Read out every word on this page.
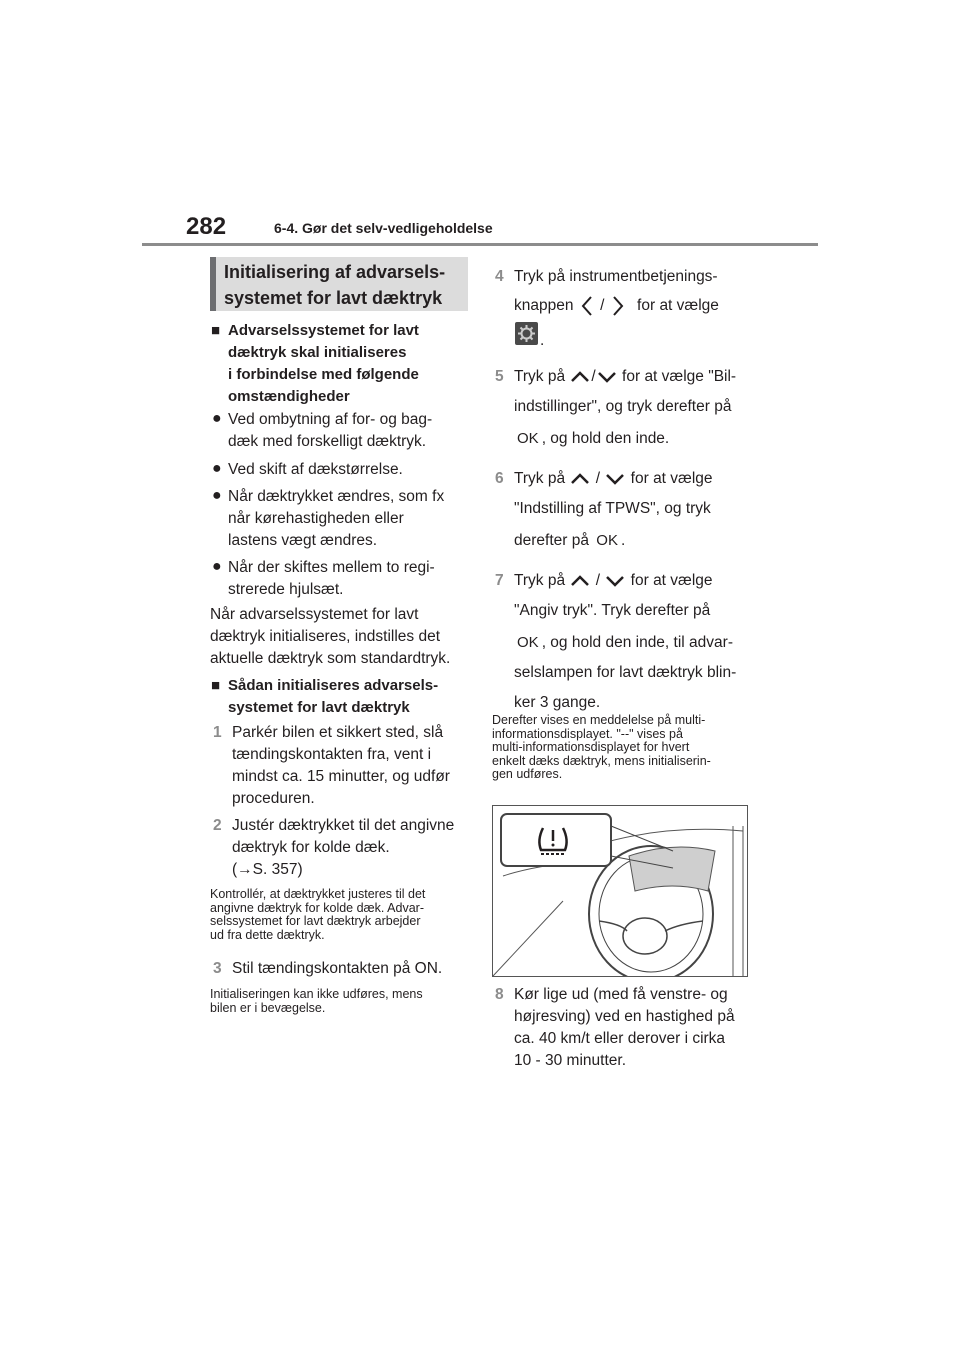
282	6-4. Gør det selv-vedligeholdelse
Initialisering af advarsels-
systemet for lavt dæktryk
■ Advarselssystemet for lavt
dæktryk skal initialiseres
i forbindelse med følgende
omstændigheder
● Ved ombytning af for- og bag-
dæk med forskelligt dæktryk.
● Ved skift af dækstørrelse.
● Når dæktrykket ændres, som fx
når kørehastigheden eller
lastens vægt ændres.
● Når der skiftes mellem to regi-
strerede hjulsæt.
Når advarselssystemet for lavt
dæktryk initialiseres, indstilles det
aktuelle dæktryk som standardtryk.
■ Sådan initialiseres advarsels-
systemet for lavt dæktryk
1 Parkér bilen et sikkert sted, slå
tændingskontakten fra, vent i
mindst ca. 15 minutter, og udfør
proceduren.
2 Justér dæktrykket til det angivne
dæktryk for kolde dæk.
(→S. 357)
Kontrollér, at dæktrykket justeres til det
angivne dæktryk for kolde dæk. Advar-
selssystemet for lavt dæktryk arbejder
ud fra dette dæktryk.
3 Stil tændingskontakten på ON.
Initialiseringen kan ikke udføres, mens
bilen er i bevægelse.
4 Tryk på instrumentbetjenings-
knappen / for at vælge
.
5 Tryk på / for at vælge "Bil-
indstillinger", og tryk derefter på
OK , og hold den inde.
6 Tryk på / for at vælge
"Indstilling af TPWS", og tryk
derefter på OK .
7 Tryk på / for at vælge
"Angiv tryk". Tryk derefter på
OK , og hold den inde, til advar-
selslampen for lavt dæktryk blin-
ker 3 gange.
Derefter vises en meddelelse på multi-
informationsdisplayet. "--" vises på
multi-informationsdisplayet for hvert
enkelt dæks dæktryk, mens initialiserin-
gen udføres.
8 Kør lige ud (med få venstre- og
højresving) ved en hastighed på
ca. 40 km/t eller derover i cirka
10 - 30 minutter.
